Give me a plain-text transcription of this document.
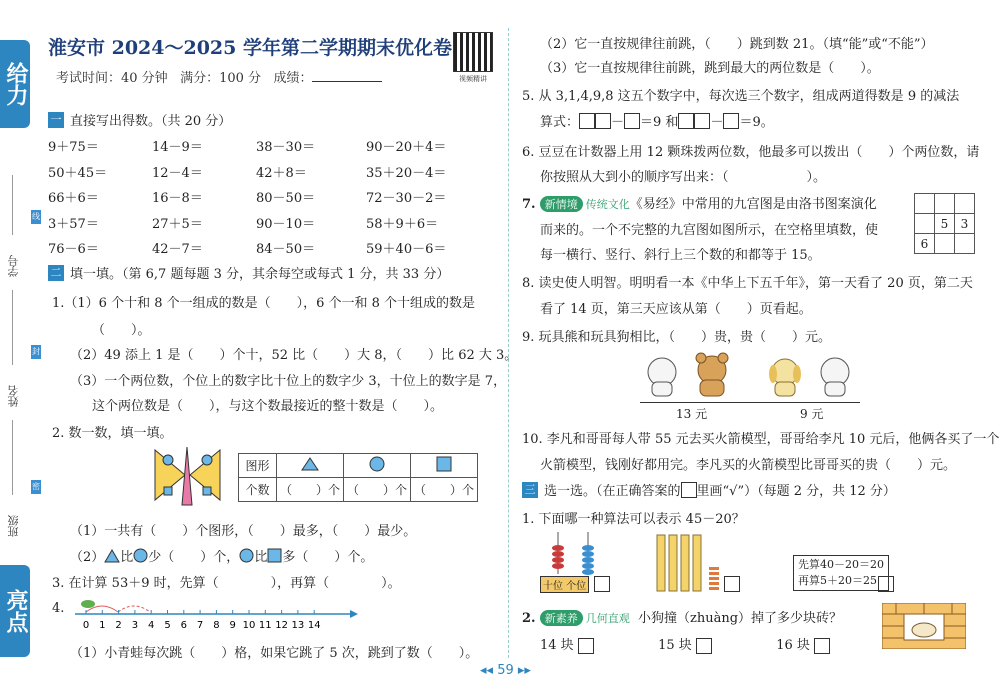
给力
亮点
学号
姓名
班级
线
封
密
淮安市 2024～2025 学年第二学期期末优化卷
考试时间：40 分钟 满分：100 分 成绩：	视频精讲
一 直接写出得数。（共 20 分）
9＋75＝	14－9＝	38－30＝	90－20＋4＝
50＋45＝	12－4＝	42＋8＝	35＋20－4＝
66＋6＝	16－8＝	80－50＝	72－30－2＝
3＋57＝	27＋5＝	90－10＝	58＋9＋6＝
76－6＝	42－7＝	84－50＝	59＋40－6＝
二 填一填。（第 6,7 题每题 3 分，其余每空或每式 1 分，共 33 分）
1.（1）6 个十和 8 个一组成的数是（　　），6 个一和 8 个十组成的数是
（　　）。
（2）49 添上 1 是（　　）个十，52 比（　　）大 8，（　　）比 62 大 3。
（3）一个两位数，个位上的数字比十位上的数字少 3，十位上的数字是 7，
这个两位数是（　　），与这个数最接近的整十数是（　　）。
2. 数一数，填一填。
图形			
个数	（　　）个	（　　）个	（　　）个
（1）一共有（　　）个图形，（　　）最多，（　　）最少。
（2） 比 少（　　）个， 比 多（　　）个。
3. 在计算 53＋9 时，先算（　　　　），再算（　　　　）。
4.
0 1 2 3 4 5 6 7 8 9 10 11 12 13 14
（1）小青蛙每次跳（　　）格，如果它跳了 5 次，跳到了数（　　）。
（2）它一直按规律往前跳，（　　）跳到数 21。（填“能”或“不能”）
（3）它一直按规律往前跳，跳到最大的两位数是（　　）。
5. 从 3,1,4,9,8 这五个数字中，每次选三个数字，组成两道得数是 9 的减法
算式： － ＝9 和 － ＝9。
6. 豆豆在计数器上用 12 颗珠拨两位数，他最多可以拨出（　　）个两位数，请
你按照从大到小的顺序写出来：（　　　　　　）。
7. 新情境 传统文化《易经》中常用的九宫图是由洛书图案演化
而来的。一个不完整的九宫图如图所示，在空格里填数，使
每一横行、竖行、斜行上三个数的和都等于 15。

	5	3
6		
8. 读史使人明智。明明看一本《中华上下五千年》，第一天看了 20 页，第二天
看了 14 页，第三天应该从第（　　）页看起。
9. 玩具熊和玩具狗相比，（　　）贵，贵（　　）元。
13 元	9 元
10. 李凡和哥哥每人带 55 元去买火箭模型，哥哥给李凡 10 元后，他俩各买了一个
火箭模型，钱刚好都用完。李凡买的火箭模型比哥哥买的贵（　　）元。
三 选一选。（在正确答案的 里画“√”）（每题 2 分，共 12 分）
1. 下面哪一种算法可以表示 45－20？
十位 个位
先算40－20＝20
再算5＋20＝25
2. 新素养 几何直观 小狗撞（zhuàng）掉了多少块砖？
14 块	15 块	16 块
◂◂ 59 ▸▸
